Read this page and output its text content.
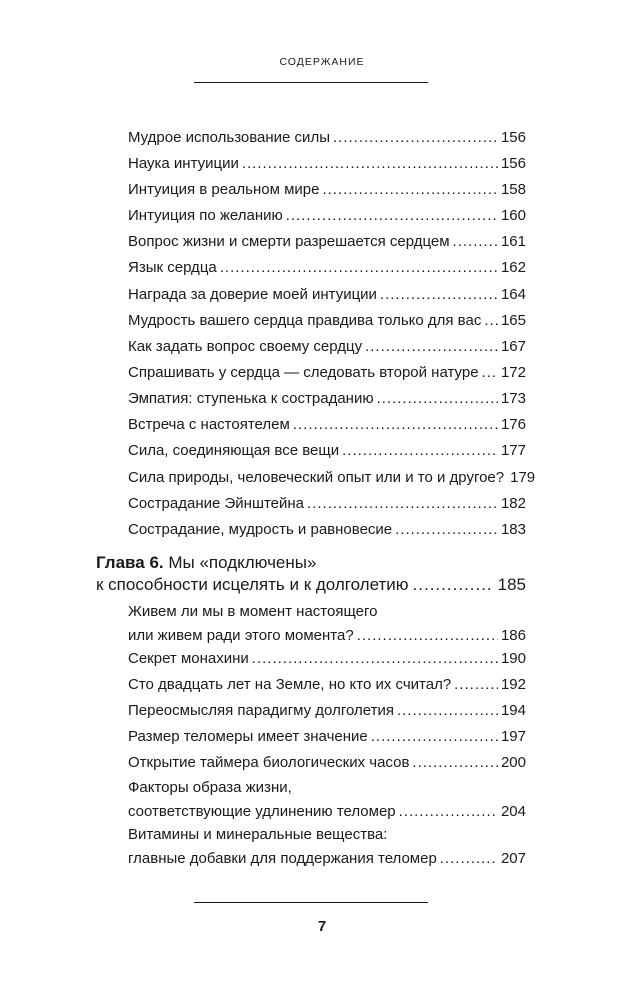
СОДЕРЖАНИЕ
Мудрое использование силы .....	156
Наука интуиции .....	156
Интуиция в реальном мире .....	158
Интуиция по желанию .....	160
Вопрос жизни и смерти разрешается сердцем .....	161
Язык сердца .....	162
Награда за доверие моей интуиции .....	164
Мудрость вашего сердца правдива только для вас ..... 165
Как задать вопрос своему сердцу .....	167
Спрашивать у сердца — следовать второй натуре ..... 172
Эмпатия: ступенька к состраданию .....	173
Встреча с настоятелем .....	176
Сила, соединяющая все вещи .....	177
Сила природы, человеческий опыт или и то и другое? 179
Сострадание Эйнштейна .....	182
Сострадание, мудрость и равновесие .....	183
Глава 6.
Мы «подключены»
к способности исцелять и к долголетию .....	185
Живем ли мы в момент настоящего
или живем ради этого момента? .....	186
Секрет монахини .....	190
Сто двадцать лет на Земле, но кто их считал? .....	192
Переосмысляя парадигму долголетия .....	194
Размер теломеры имеет значение .....	197
Открытие таймера биологических часов .....	200
Факторы образа жизни,
соответствующие удлинению теломер .....	204
Витамины и минеральные вещества:
главные добавки для поддержания теломер .....	207
7
